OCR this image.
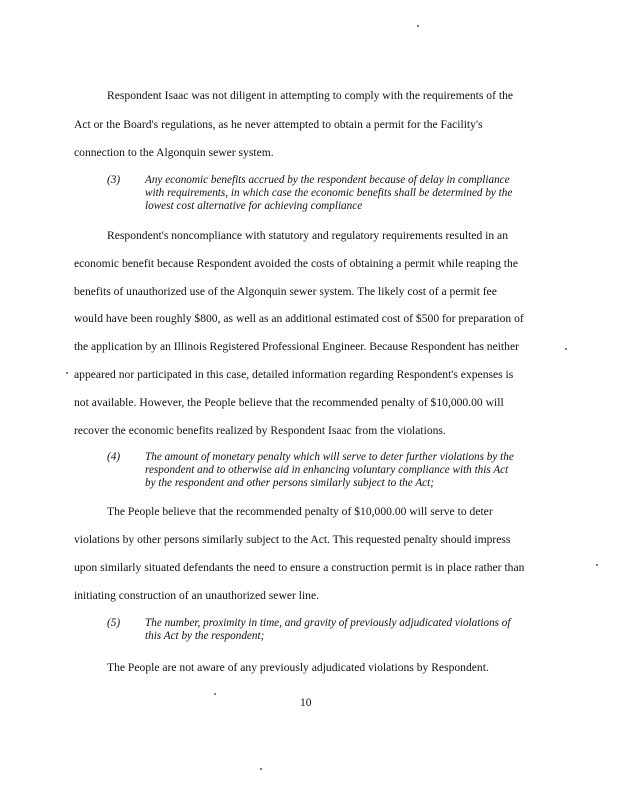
Respondent Isaac was not diligent in attempting to comply with the requirements of the
Act or the Board's regulations, as he never attempted to obtain a permit for the Facility's
connection to the Algonquin sewer system.
(3) Any economic benefits accrued by the respondent because of delay in compliance
with requirements, in which case the economic benefits shall be determined by the
lowest cost alternative for achieving compliance
Respondent's noncompliance with statutory and regulatory requirements resulted in an
economic benefit because Respondent avoided the costs of obtaining a permit while reaping the
benefits of unauthorized use of the Algonquin sewer system. The likely cost of a permit fee
would have been roughly $800, as well as an additional estimated cost of $500 for preparation of
the application by an Illinois Registered Professional Engineer. Because Respondent has neither
appeared nor participated in this case, detailed information regarding Respondent's expenses is
not available. However, the People believe that the recommended penalty of $10,000.00 will
recover the economic benefits realized by Respondent Isaac from the violations.
(4) The amount of monetary penalty which will serve to deter further violations by the
respondent and to otherwise aid in enhancing voluntary compliance with this Act
by the respondent and other persons similarly subject to the Act;
The People believe that the recommended penalty of $10,000.00 will serve to deter
violations by other persons similarly subject to the Act. This requested penalty should impress
upon similarly situated defendants the need to ensure a construction permit is in place rather than
initiating construction of an unauthorized sewer line.
(5) The number, proximity in time, and gravity of previously adjudicated violations of
this Act by the respondent;
The People are not aware of any previously adjudicated violations by Respondent.
10
